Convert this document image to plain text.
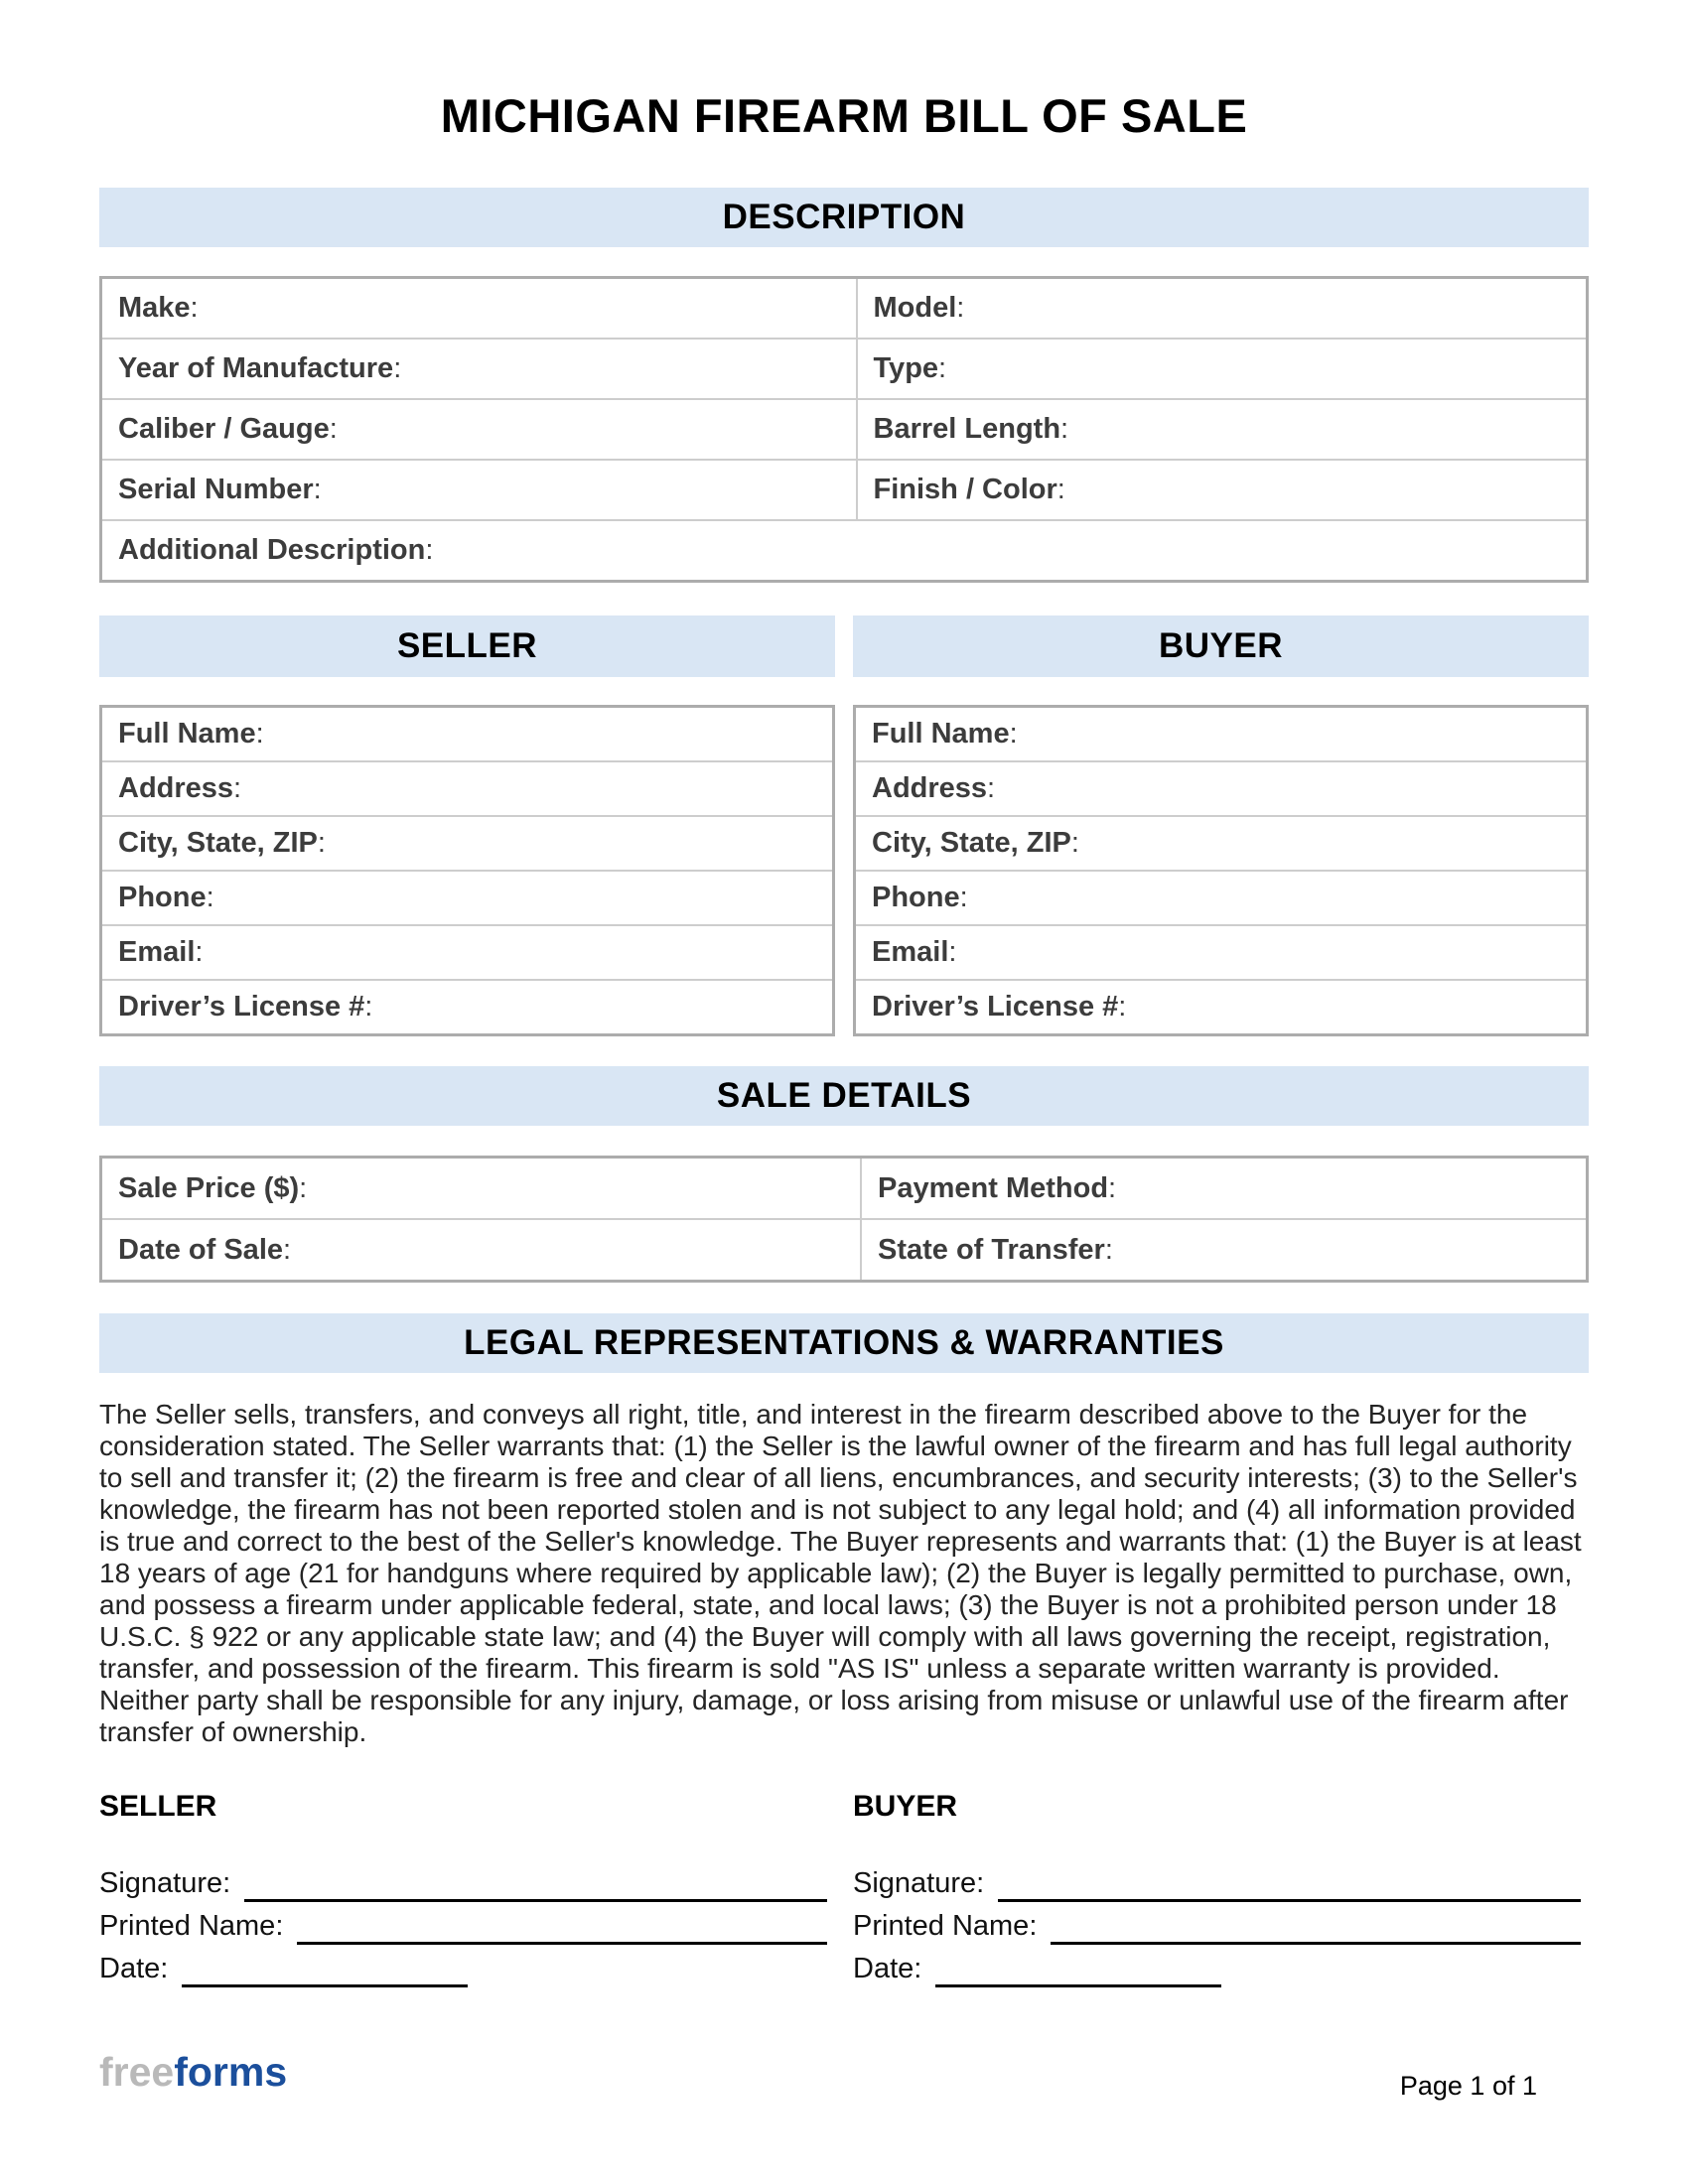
MICHIGAN FIREARM BILL OF SALE
DESCRIPTION
Make:	Model:
Year of Manufacture:	Type:
Caliber / Gauge:	Barrel Length:
Serial Number:	Finish / Color:
Additional Description:	
SELLER	BUYER
Full Name:
Address:
City, State, ZIP:
Phone:
Email:
Driver’s License #:
Full Name:
Address:
City, State, ZIP:
Phone:
Email:
Driver’s License #:
SALE DETAILS
Sale Price ($):	Payment Method:
Date of Sale:	State of Transfer:
LEGAL REPRESENTATIONS & WARRANTIES
The Seller sells, transfers, and conveys all right, title, and interest in the firearm described above to the Buyer for the consideration stated. The Seller warrants that: (1) the Seller is the lawful owner of the firearm and has full legal authority to sell and transfer it; (2) the firearm is free and clear of all liens, encumbrances, and security interests; (3) to the Seller's knowledge, the firearm has not been reported stolen and is not subject to any legal hold; and (4) all information provided is true and correct to the best of the Seller's knowledge. The Buyer represents and warrants that: (1) the Buyer is at least 18 years of age (21 for handguns where required by applicable law); (2) the Buyer is legally permitted to purchase, own, and possess a firearm under applicable federal, state, and local laws; (3) the Buyer is not a prohibited person under 18 U.S.C. § 922 or any applicable state law; and (4) the Buyer will comply with all laws governing the receipt, registration, transfer, and possession of the firearm. This firearm is sold "AS IS" unless a separate written warranty is provided. Neither party shall be responsible for any injury, damage, or loss arising from misuse or unlawful use of the firearm after transfer of ownership.
SELLER
Signature:
Printed Name:
Date:
BUYER
Signature:
Printed Name:
Date:
freeforms	Page 1 of 1
